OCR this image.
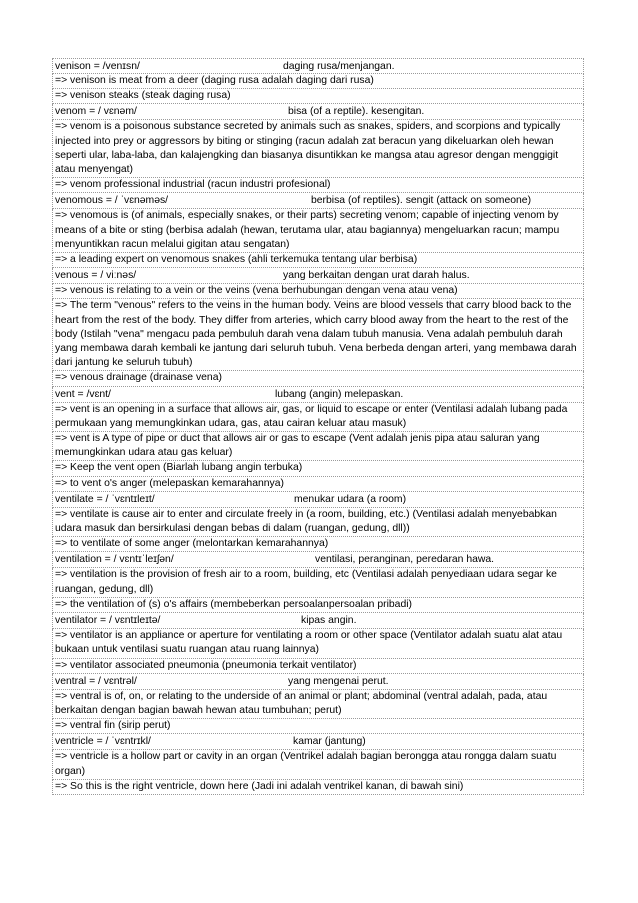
venison = /venɪsn/	daging rusa/menjangan.
=> venison is meat from a deer (daging rusa adalah daging dari rusa)
=> venison steaks (steak daging rusa)
venom = / vɛnəm/	bisa (of a reptile). kesengitan.
=> venom is a poisonous substance secreted by animals such as snakes, spiders, and scorpions and typically injected into prey or aggressors by biting or stinging (racun adalah zat beracun yang dikeluarkan oleh hewan seperti ular, laba-laba, dan kalajengking dan biasanya disuntikkan ke mangsa atau agresor dengan menggigit atau menyengat)
=> venom professional industrial (racun industri profesional)
venomous = / ˈvɛnəməs/	berbisa (of reptiles). sengit (attack on someone)
=> venomous is (of animals, especially snakes, or their parts) secreting venom; capable of injecting venom by means of a bite or sting (berbisa adalah (hewan, terutama ular, atau bagiannya) mengeluarkan racun; mampu menyuntikkan racun melalui gigitan atau sengatan)
=> a leading expert on venomous snakes (ahli terkemuka tentang ular berbisa)
venous = / viːnəs/	yang berkaitan dengan urat darah halus.
=> venous is relating to a vein or the veins (vena berhubungan dengan vena atau vena)
=> The term "venous" refers to the veins in the human body. Veins are blood vessels that carry blood back to the heart from the rest of the body. They differ from arteries, which carry blood away from the heart to the rest of the body (Istilah "vena" mengacu pada pembuluh darah vena dalam tubuh manusia. Vena adalah pembuluh darah yang membawa darah kembali ke jantung dari seluruh tubuh. Vena berbeda dengan arteri, yang membawa darah dari jantung ke seluruh tubuh)
=> venous drainage (drainase vena)
vent = /vɛnt/	lubang (angin) melepaskan.
=> vent is an opening in a surface that allows air, gas, or liquid to escape or enter (Ventilasi adalah lubang pada permukaan yang memungkinkan udara, gas, atau cairan keluar atau masuk)
=> vent is A type of pipe or duct that allows air or gas to escape (Vent adalah jenis pipa atau saluran yang memungkinkan udara atau gas keluar)
=> Keep the vent open (Biarlah lubang angin terbuka)
=> to vent o's anger (melepaskan kemarahannya)
ventilate = / ˈvɛntɪleɪt/	menukar udara (a room)
=> ventilate is cause air to enter and circulate freely in (a room, building, etc.) (Ventilasi adalah menyebabkan udara masuk dan bersirkulasi dengan bebas di dalam (ruangan, gedung, dll))
=> to ventilate of some anger (melontarkan kemarahannya)
ventilation = / vɛntɪˈleɪʃən/	ventilasi, peranginan, peredaran hawa.
=> ventilation is the provision of fresh air to a room, building, etc (Ventilasi adalah penyediaan udara segar ke ruangan, gedung, dll)
=> the ventilation of (s) o's affairs (membeberkan persoalanpersoalan pribadi)
ventilator = / vɛntɪleɪtə/	kipas angin.
=> ventilator is an appliance or aperture for ventilating a room or other space (Ventilator adalah suatu alat atau bukaan untuk ventilasi suatu ruangan atau ruang lainnya)
=> ventilator associated pneumonia (pneumonia terkait ventilator)
ventral = / vɛntrəl/	yang mengenai perut.
=> ventral is of, on, or relating to the underside of an animal or plant; abdominal (ventral adalah, pada, atau berkaitan dengan bagian bawah hewan atau tumbuhan; perut)
=> ventral fin (sirip perut)
ventricle = / ˈvɛntrɪkl/	kamar (jantung)
=> ventricle is a hollow part or cavity in an organ (Ventrikel adalah bagian berongga atau rongga dalam suatu organ)
=> So this is the right ventricle, down here (Jadi ini adalah ventrikel kanan, di bawah sini)
